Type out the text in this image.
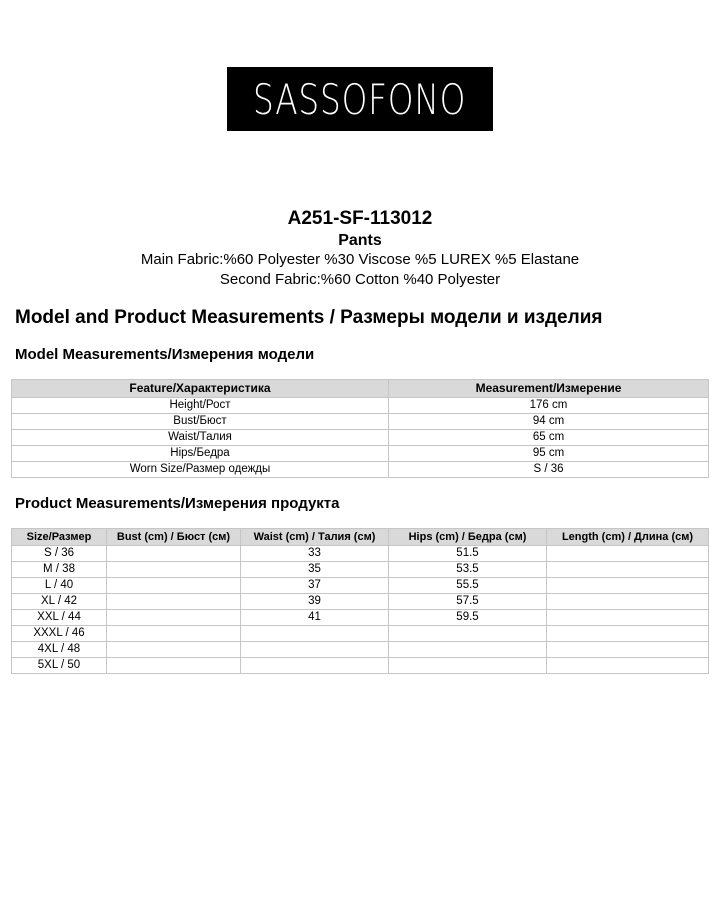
SASSOFONO
A251-SF-113012
Pants
Main Fabric:%60 Polyester %30 Viscose %5 LUREX %5 Elastane
Second Fabric:%60 Cotton %40 Polyester
Model and Product Measurements / Размеры модели и изделия
Model Measurements/Измерения модели
Feature/Характеристика	Measurement/Измерение
Height/Рост	176 cm
Bust/Бюст	94 cm
Waist/Талия	65 cm
Hips/Бедра	95 cm
Worn Size/Размер одежды	S / 36
Product Measurements/Измерения продукта
Size/Размер	Bust (cm) / Бюст (см)	Waist (cm) / Талия (см)	Hips (cm) / Бедра (см)	Length (cm) / Длина (см)
S / 36		33	51.5	
M / 38		35	53.5	
L / 40		37	55.5	
XL / 42		39	57.5	
XXL / 44		41	59.5	
XXXL / 46				
4XL / 48				
5XL / 50				
